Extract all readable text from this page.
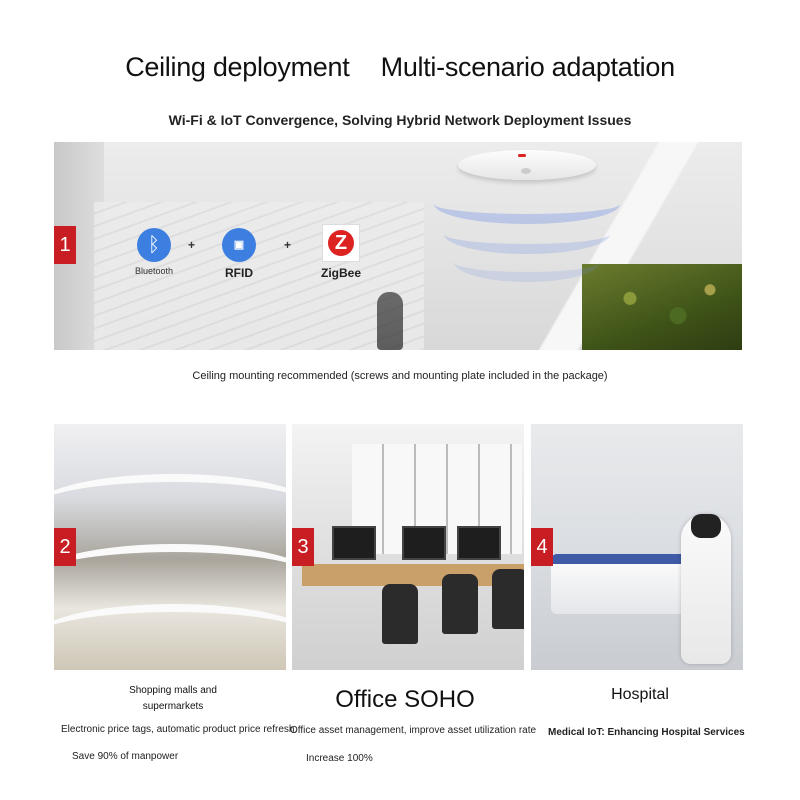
Ceiling deployment Multi-scenario adaptation
Wi-Fi & IoT Convergence, Solving Hybrid Network Deployment Issues
1	ᛒ
Bluetooth
+	▣
RFID
+	Z
ZigBee
Ceiling mounting recommended (screws and mounting plate included in the package)
2	3	4
Shopping malls and supermarkets	Office SOHO	Hospital
Electronic price tags, automatic product price refresh.
Office asset management, improve asset utilization rate Medical IoT: Enhancing Hospital Services
Save 90% of manpower	Increase 100%
